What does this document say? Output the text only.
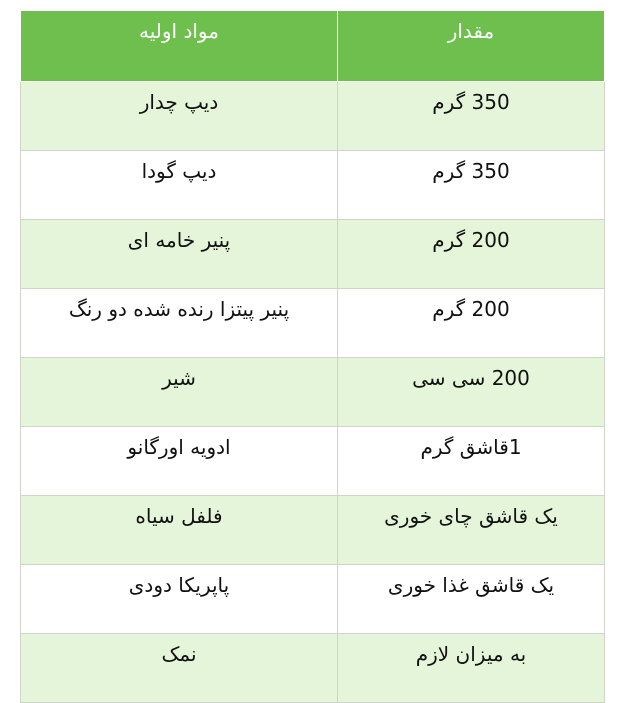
مواد اولیه	مقدار

دیپ چدار	350 گرم

دیپ گودا	350 گرم

پنیر خامه ای	200 گرم

پنیر پیتزا رنده شده دو رنگ	200 گرم

شیر	200 سی سی

ادویه اورگانو	1قاشق گرم

فلفل سیاه	یک قاشق چای خوری

پاپریکا دودی	یک قاشق غذا خوری

نمک	به میزان لازم
